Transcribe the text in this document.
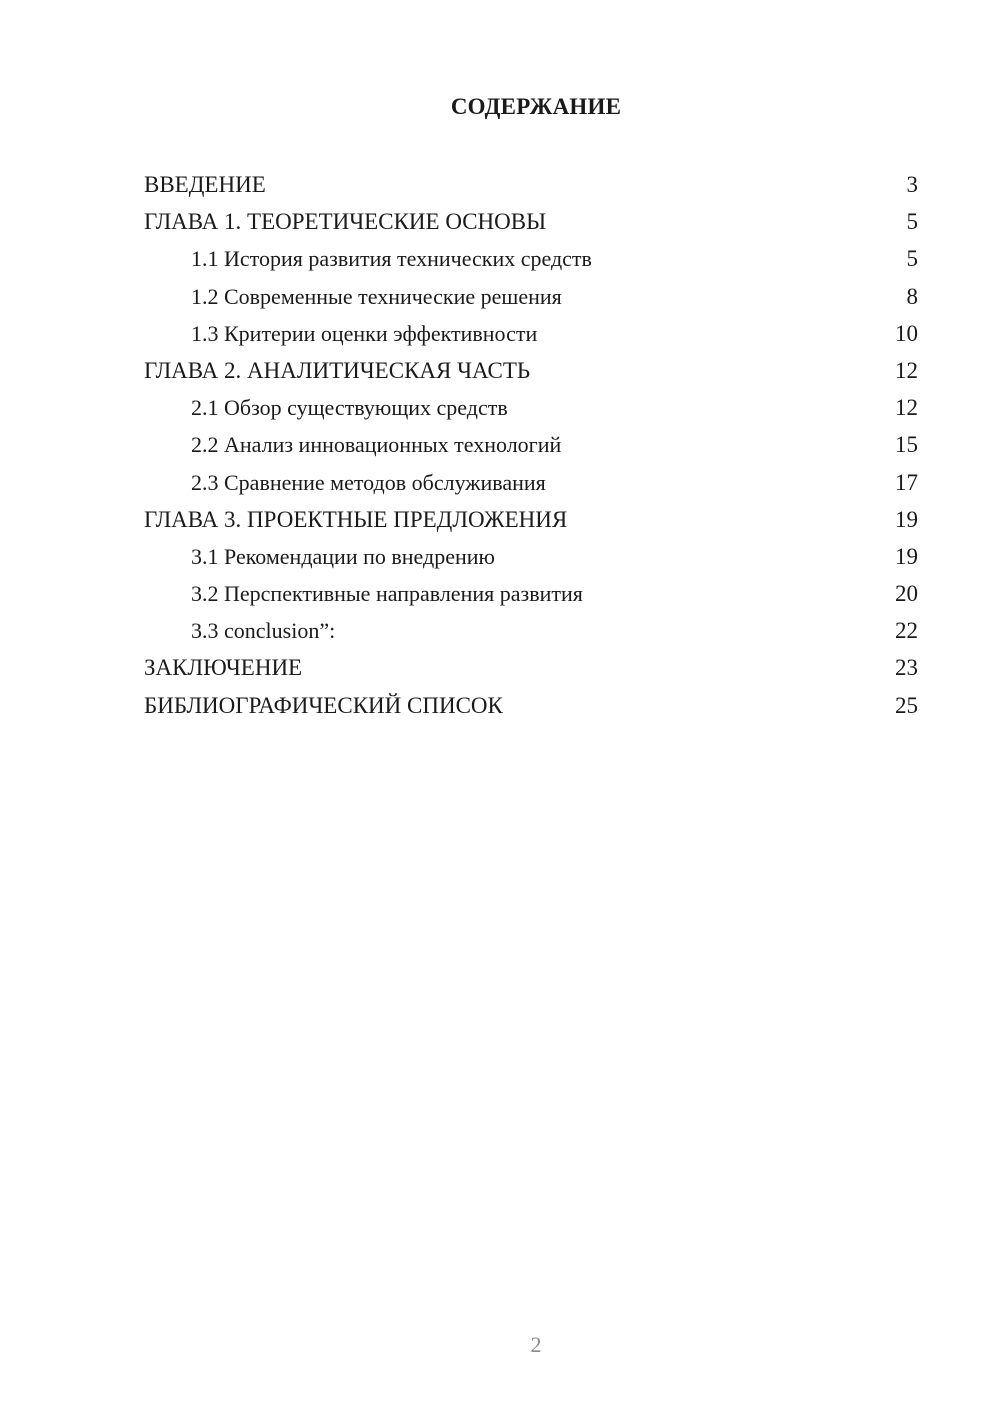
СОДЕРЖАНИЕ
ВВЕДЕНИЕ	3
ГЛАВА 1. ТЕОРЕТИЧЕСКИЕ ОСНОВЫ	5
1.1 История развития технических средств	5
1.2 Современные технические решения	8
1.3 Критерии оценки эффективности	10
ГЛАВА 2. АНАЛИТИЧЕСКАЯ ЧАСТЬ	12
2.1 Обзор существующих средств	12
2.2 Анализ инновационных технологий	15
2.3 Сравнение методов обслуживания	17
ГЛАВА 3. ПРОЕКТНЫЕ ПРЕДЛОЖЕНИЯ	19
3.1 Рекомендации по внедрению	19
3.2 Перспективные направления развития	20
3.3 conclusion”:	22
ЗАКЛЮЧЕНИЕ	23
БИБЛИОГРАФИЧЕСКИЙ СПИСОК	25
2
